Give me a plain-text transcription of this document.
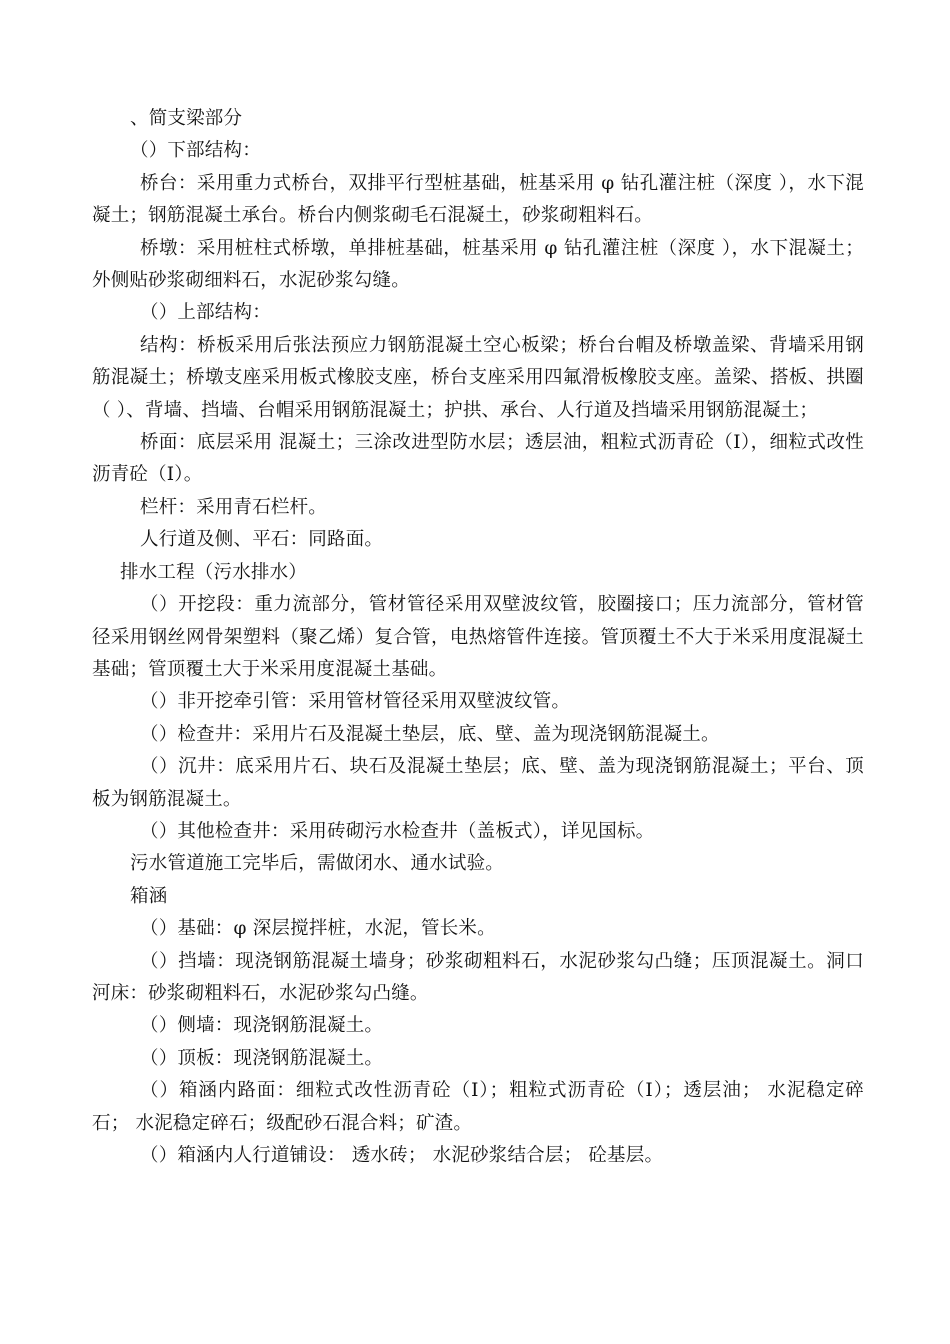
、简支梁部分

（）下部结构：

桥台：采用重力式桥台，双排平行型桩基础，桩基采用 φ 钻孔灌注桩（深度 ），水下混凝土；钢筋混凝土承台。桥台内侧浆砌毛石混凝土，砂浆砌粗料石。

桥墩：采用桩柱式桥墩，单排桩基础，桩基采用 φ 钻孔灌注桩（深度 ），水下混凝土；外侧贴砂浆砌细料石，水泥砂浆勾缝。

（）上部结构：

结构：桥板采用后张法预应力钢筋混凝土空心板梁；桥台台帽及桥墩盖梁、背墙采用钢筋混凝土；桥墩支座采用板式橡胶支座，桥台支座采用四氟滑板橡胶支座。盖梁、搭板、拱圈（ ）、背墙、挡墙、台帽采用钢筋混凝土；护拱、承台、人行道及挡墙采用钢筋混凝土；

桥面：底层采用 混凝土；三涂改进型防水层；透层油，粗粒式沥青砼（Ⅰ），细粒式改性沥青砼（Ⅰ）。

栏杆：采用青石栏杆。

人行道及侧、平石：同路面。

排水工程（污水排水）

（）开挖段：重力流部分，管材管径采用双壁波纹管，胶圈接口；压力流部分，管材管径采用钢丝网骨架塑料（聚乙烯）复合管，电热熔管件连接。管顶覆土不大于米采用度混凝土基础；管顶覆土大于米采用度混凝土基础。

（）非开挖牵引管：采用管材管径采用双壁波纹管。

（）检查井：采用片石及混凝土垫层，底、壁、盖为现浇钢筋混凝土。

（）沉井：底采用片石、块石及混凝土垫层；底、壁、盖为现浇钢筋混凝土；平台、顶板为钢筋混凝土。

（）其他检查井：采用砖砌污水检查井（盖板式），详见国标。

污水管道施工完毕后，需做闭水、通水试验。

箱涵

（）基础：φ 深层搅拌桩，水泥，管长米。

（）挡墙：现浇钢筋混凝土墙身；砂浆砌粗料石，水泥砂浆勾凸缝；压顶混凝土。洞口河床：砂浆砌粗料石，水泥砂浆勾凸缝。

（）侧墙：现浇钢筋混凝土。

（）顶板：现浇钢筋混凝土。

（）箱涵内路面：细粒式改性沥青砼（Ⅰ）；粗粒式沥青砼（Ⅰ）；透层油； 水泥稳定碎石； 水泥稳定碎石；级配砂石混合料；矿渣。

（）箱涵内人行道铺设： 透水砖； 水泥砂浆结合层； 砼基层。
